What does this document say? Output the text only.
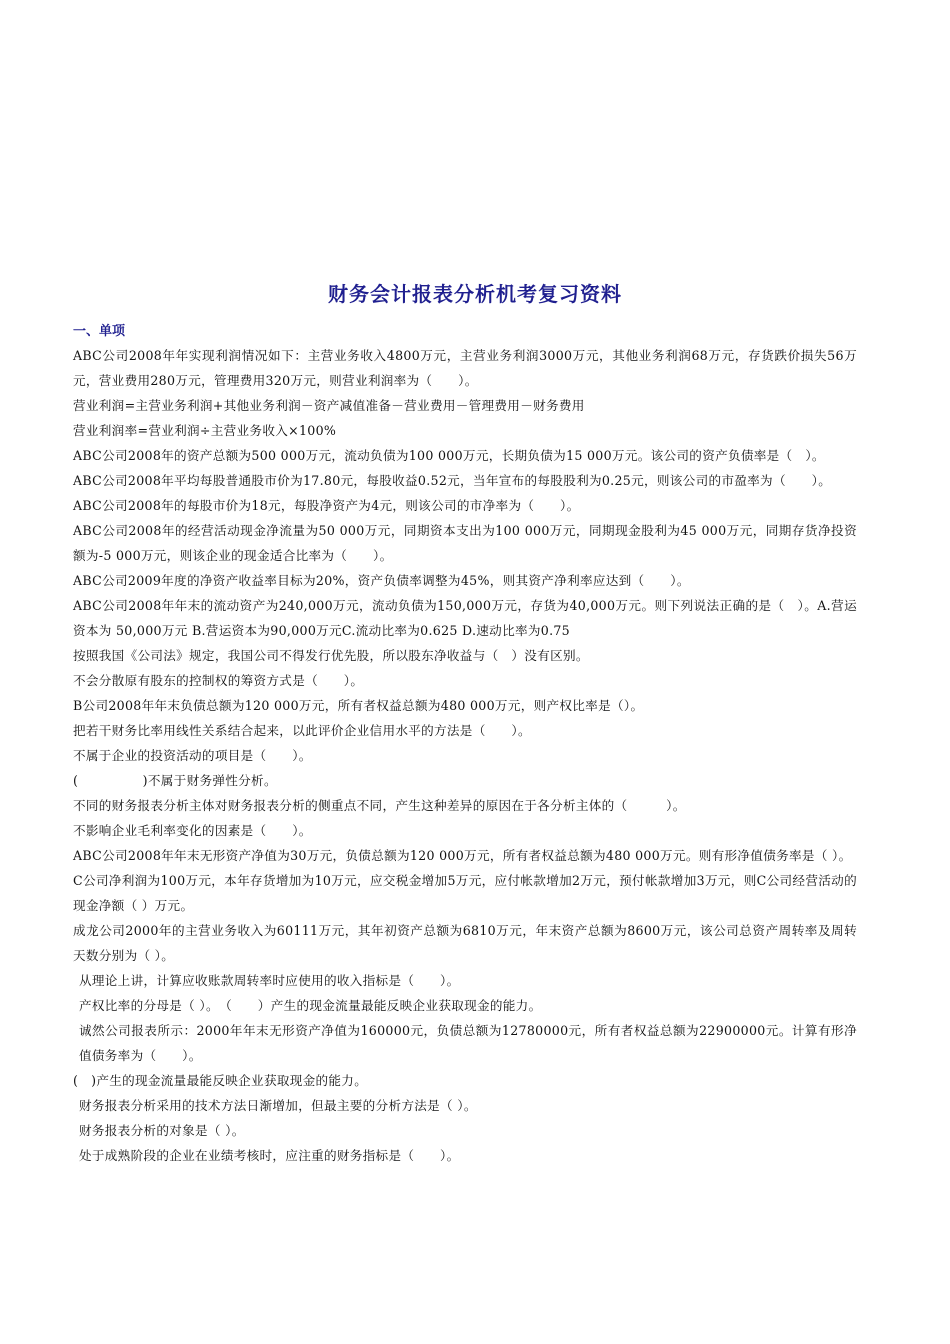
财务会计报表分析机考复习资料
一、单项

ABC公司2008年年实现利润情况如下：主营业务收入4800万元，主营业务利润3000万元，其他业务利润68万元，存货跌价损失56万元，营业费用280万元，管理费用320万元，则营业利润率为（　　）。

营业利润=主营业务利润+其他业务利润－资产减值准备－营业费用－管理费用－财务费用

营业利润率=营业利润÷主营业务收入×100%

ABC公司2008年的资产总额为500 000万元，流动负债为100 000万元，长期负债为15 000万元。该公司的资产负债率是（　）。

ABC公司2008年平均每股普通股市价为17.80元，每股收益0.52元，当年宣布的每股股利为0.25元，则该公司的市盈率为（　　）。

ABC公司2008年的每股市价为18元，每股净资产为4元，则该公司的市净率为（　　）。

ABC公司2008年的经营活动现金净流量为50 000万元，同期资本支出为100 000万元，同期现金股利为45 000万元，同期存货净投资额为-5 000万元，则该企业的现金适合比率为（　　）。

ABC公司2009年度的净资产收益率目标为20%，资产负债率调整为45%，则其资产净利率应达到（　　）。

ABC公司2008年年末的流动资产为240,000万元，流动负债为150,000万元，存货为40,000万元。则下列说法正确的是（　）。A.营运资本为 50,000万元 B.营运资本为90,000万元C.流动比率为0.625 D.速动比率为0.75

按照我国《公司法》规定，我国公司不得发行优先股，所以股东净收益与（　）没有区别。

不会分散原有股东的控制权的筹资方式是（　　）。

B公司2008年年末负债总额为120 000万元，所有者权益总额为480 000万元，则产权比率是（）。

把若干财务比率用线性关系结合起来，以此评价企业信用水平的方法是（　　）。

不属于企业的投资活动的项目是（　　）。

(　　　　　)不属于财务弹性分析。

不同的财务报表分析主体对财务报表分析的侧重点不同，产生这种差异的原因在于各分析主体的（　　　）。

不影响企业毛利率变化的因素是（　　）。

ABC公司2008年年末无形资产净值为30万元，负债总额为120 000万元，所有者权益总额为480 000万元。则有形净值债务率是（ ）。

C公司净利润为100万元，本年存货增加为10万元，应交税金增加5万元，应付帐款增加2万元，预付帐款增加3万元，则C公司经营活动的现金净额（ ）万元。

成龙公司2000年的主营业务收入为60111万元，其年初资产总额为6810万元，年末资产总额为8600万元，该公司总资产周转率及周转天数分别为（ ）。

从理论上讲，计算应收账款周转率时应使用的收入指标是（　　）。

产权比率的分母是（ ）。　（　　）产生的现金流量最能反映企业获取现金的能力。

诚然公司报表所示：2000年年末无形资产净值为160000元，负债总额为12780000元，所有者权益总额为22900000元。计算有形净值债务率为（　　）。

(　)产生的现金流量最能反映企业获取现金的能力。

财务报表分析采用的技术方法日渐增加，但最主要的分析方法是（ ）。

财务报表分析的对象是（ ）。

处于成熟阶段的企业在业绩考核时，应注重的财务指标是（　　）。
